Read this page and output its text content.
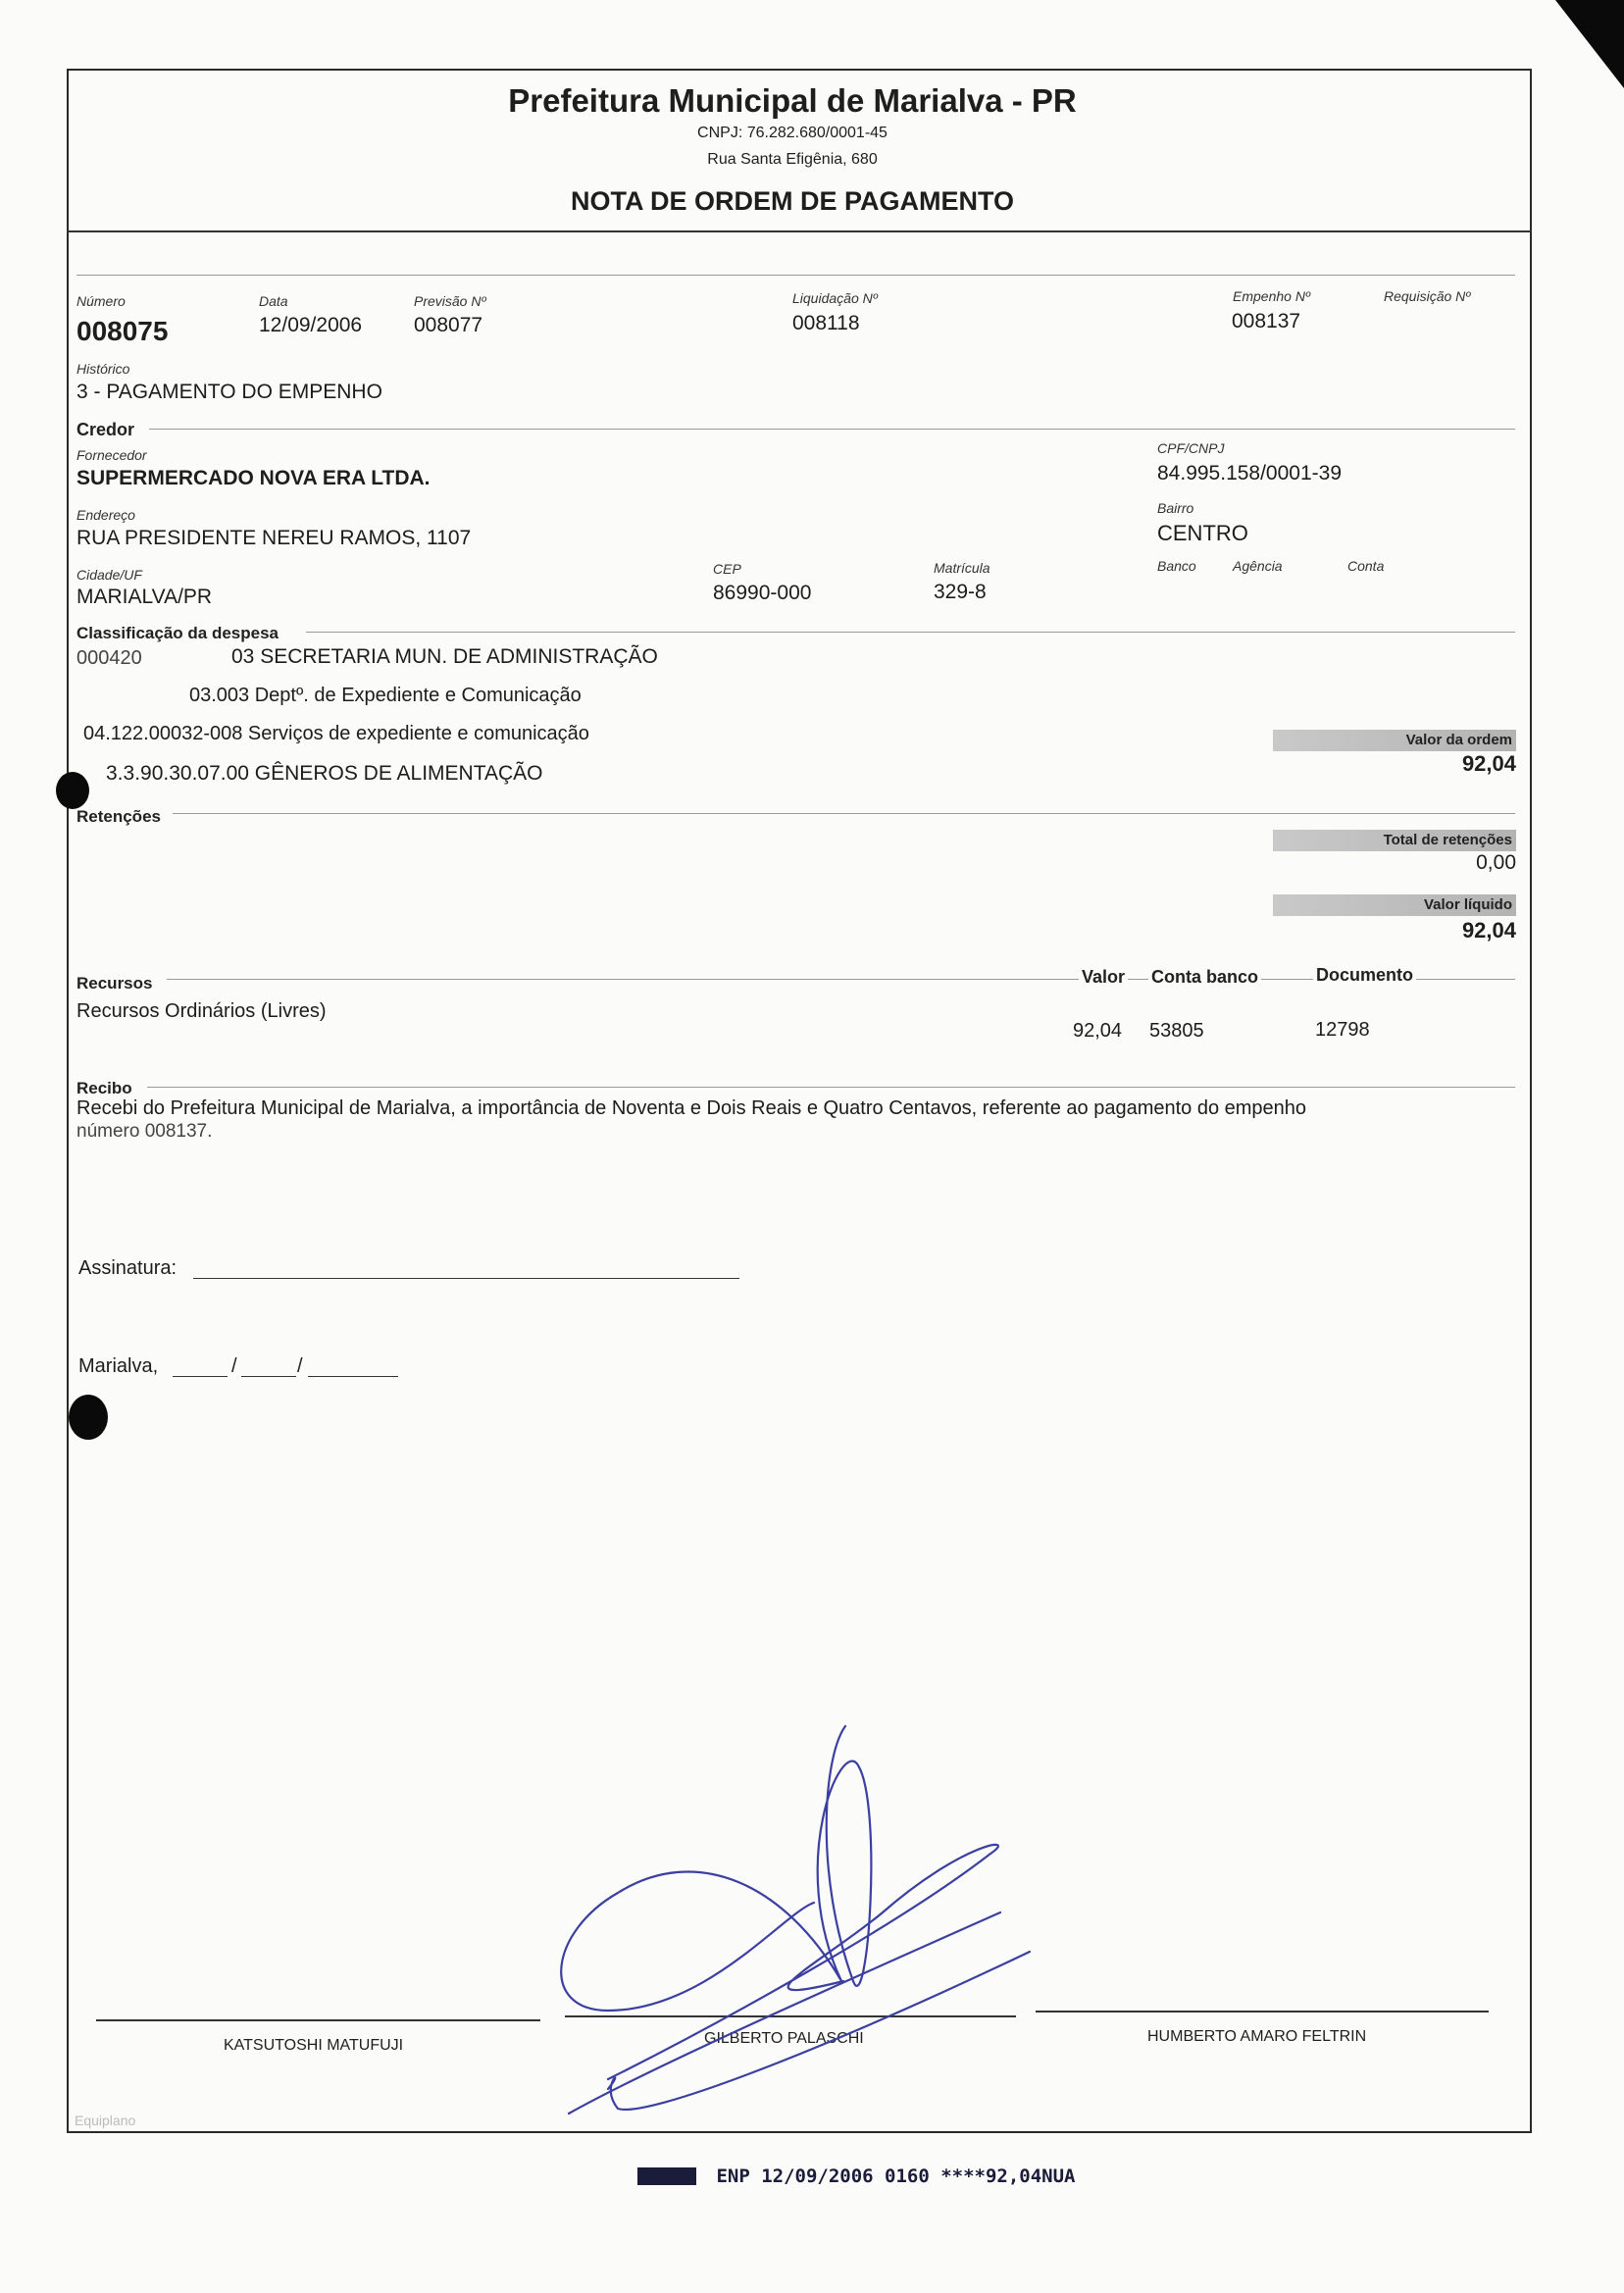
Prefeitura Municipal de Marialva - PR
CNPJ: 76.282.680/0001-45
Rua Santa Efigênia, 680
NOTA DE ORDEM DE PAGAMENTO
Número
008075
Data
12/09/2006
Previsão Nº
008077
Liquidação Nº
008118
Empenho Nº
008137
Requisição Nº
Histórico
3 - PAGAMENTO DO EMPENHO
Credor
Fornecedor
SUPERMERCADO NOVA ERA LTDA.
CPF/CNPJ
84.995.158/0001-39
Endereço
RUA PRESIDENTE NEREU RAMOS, 1107
Bairro
CENTRO
Cidade/UF
MARIALVA/PR
CEP
86990-000
Matrícula
329-8
Banco	Agência	Conta
Classificação da despesa
000420	03 SECRETARIA MUN. DE ADMINISTRAÇÃO
03.003 Deptº. de Expediente e Comunicação
04.122.00032-008 Serviços de expediente e comunicação
3.3.90.30.07.00 GÊNEROS DE ALIMENTAÇÃO
Valor da ordem
92,04
Retenções
Total de retenções
0,00
Valor líquido
92,04
Recursos	Valor Conta banco	Documento
Recursos Ordinários (Livres)
92,04 53805	12798
Recibo
Recebi do Prefeitura Municipal de Marialva, a importância de Noventa e Dois Reais e Quatro Centavos, referente ao pagamento do empenho
número 008137.
Assinatura:
Marialva,	/	/
KATSUTOSHI MATUFUJI	GILBERTO PALASCHI	HUMBERTO AMARO FELTRIN
Equiplano
ENP 12/09/2006 0160 ****92,04NUA
